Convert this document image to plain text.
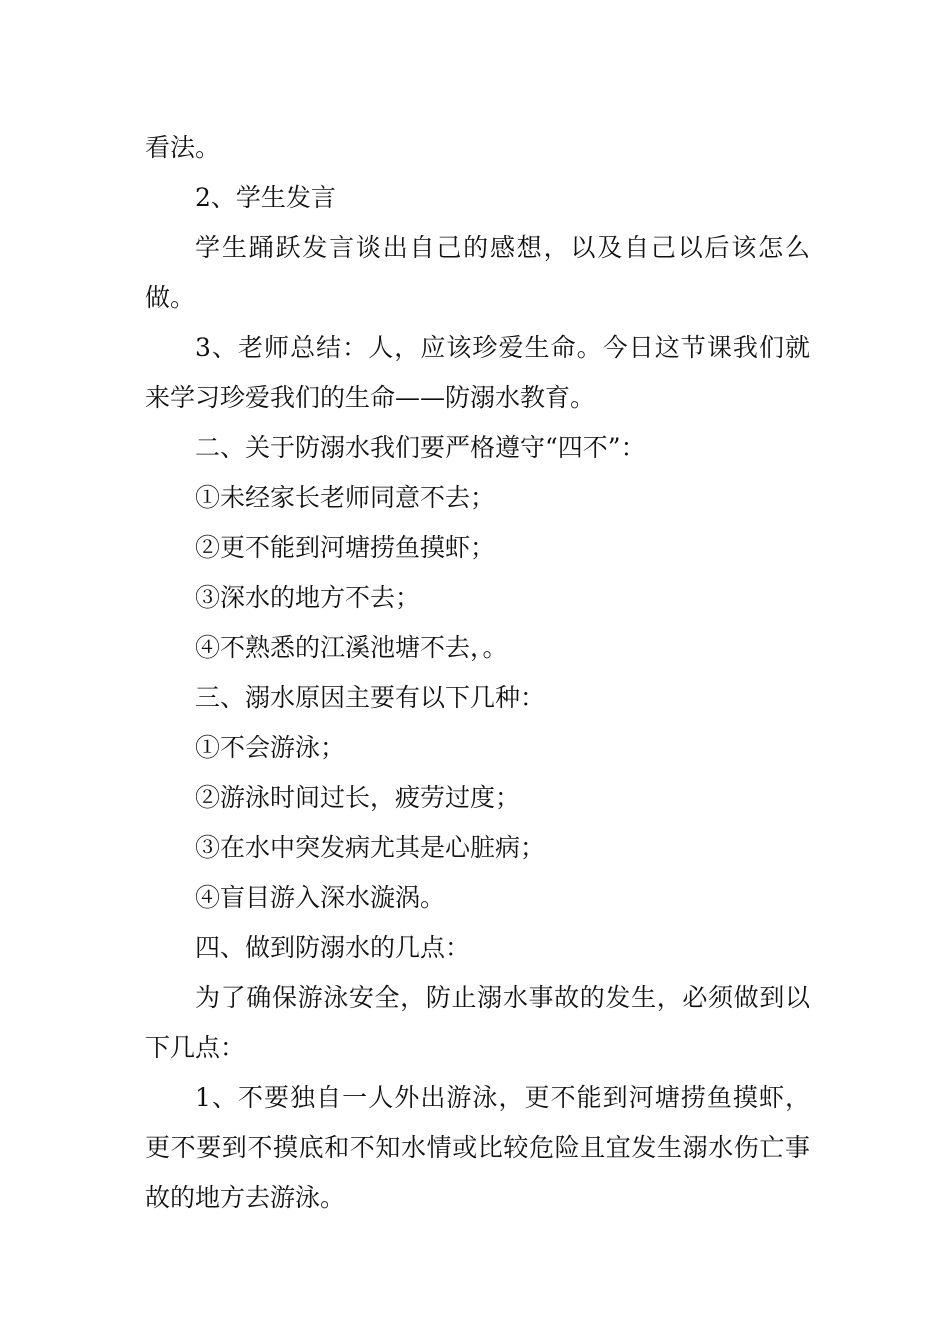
看法。

2、学生发言

学生踊跃发言谈出自己的感想，以及自己以后该怎么做。

3、老师总结：人，应该珍爱生命。今日这节课我们就来学习珍爱我们的生命——防溺水教育。

二、关于防溺水我们要严格遵守“四不”：

①未经家长老师同意不去；

②更不能到河塘捞鱼摸虾；

③深水的地方不去；

④不熟悉的江溪池塘不去，。

三、溺水原因主要有以下几种：

①不会游泳；

②游泳时间过长，疲劳过度；

③在水中突发病尤其是心脏病；

④盲目游入深水漩涡。

四、做到防溺水的几点：

为了确保游泳安全，防止溺水事故的发生，必须做到以下几点：

1、不要独自一人外出游泳，更不能到河塘捞鱼摸虾，更不要到不摸底和不知水情或比较危险且宜发生溺水伤亡事故的地方去游泳。
